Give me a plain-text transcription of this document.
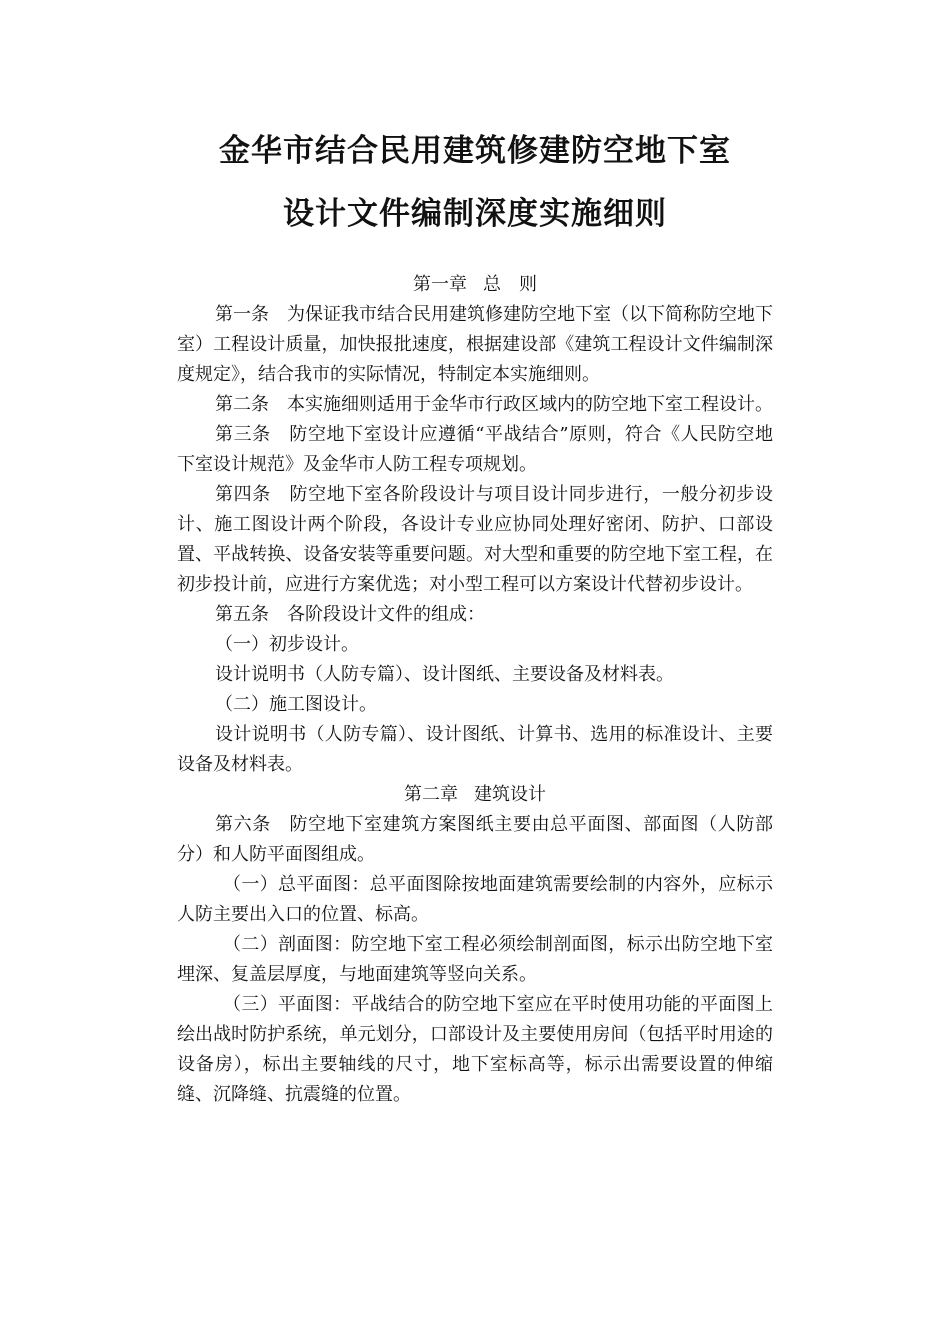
金华市结合民用建筑修建防空地下室
设计文件编制深度实施细则

第一章 总　则

第一条 为保证我市结合民用建筑修建防空地下室（以下简称防空地下室）工程设计质量，加快报批速度，根据建设部《建筑工程设计文件编制深度规定》，结合我市的实际情况，特制定本实施细则。

第二条 本实施细则适用于金华市行政区域内的防空地下室工程设计。

第三条 防空地下室设计应遵循“平战结合”原则，符合《人民防空地下室设计规范》及金华市人防工程专项规划。

第四条 防空地下室各阶段设计与项目设计同步进行，一般分初步设计、施工图设计两个阶段，各设计专业应协同处理好密闭、防护、口部设置、平战转换、设备安装等重要问题。对大型和重要的防空地下室工程，在初步投计前，应进行方案优选；对小型工程可以方案设计代替初步设计。

第五条 各阶段设计文件的组成：

（一）初步设计。

设计说明书（人防专篇）、设计图纸、主要设备及材料表。

（二）施工图设计。

设计说明书（人防专篇）、设计图纸、计算书、选用的标准设计、主要设备及材料表。

第二章 建筑设计

第六条 防空地下室建筑方案图纸主要由总平面图、部面图（人防部分）和人防平面图组成。

（一）总平面图：总平面图除按地面建筑需要绘制的内容外，应标示人防主要出入口的位置、标高。

（二）剖面图：防空地下室工程必须绘制剖面图，标示出防空地下室埋深、复盖层厚度，与地面建筑等竖向关系。

（三）平面图：平战结合的防空地下室应在平时使用功能的平面图上绘出战时防护系统，单元划分，口部设计及主要使用房间（包括平时用途的设备房），标出主要轴线的尺寸，地下室标高等，标示出需要设置的伸缩缝、沉降缝、抗震缝的位置。
